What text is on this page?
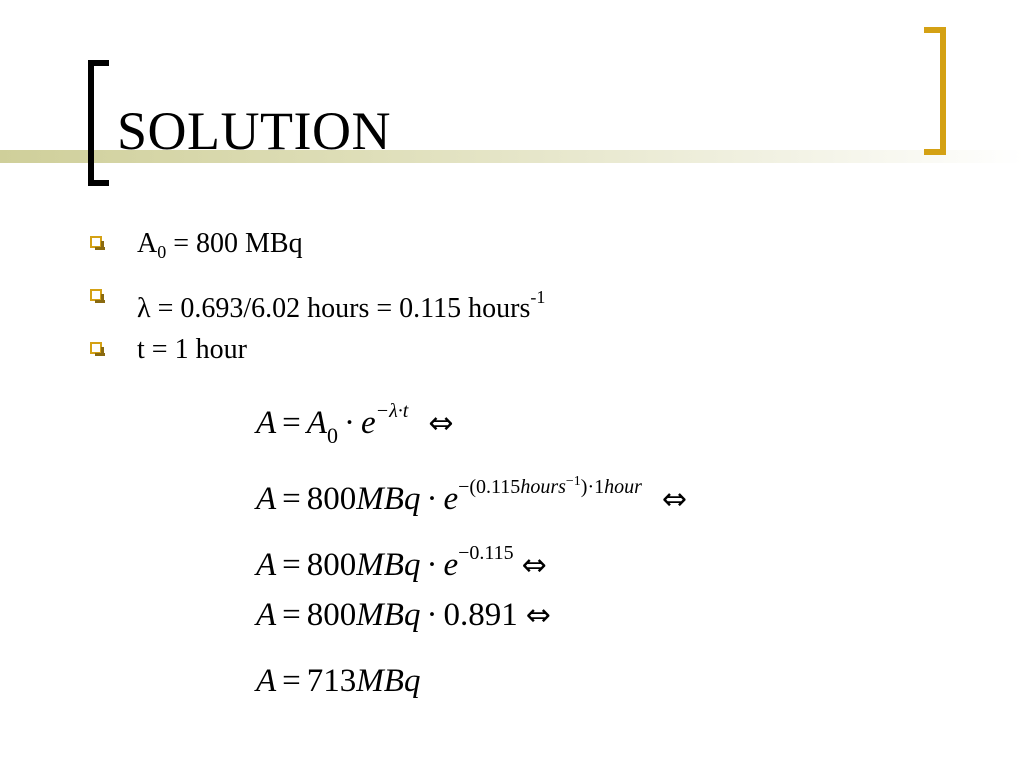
SOLUTION
$A_0 = 800$ MBq
λ = 0.693/6.02 hours = 0.115 hours$^{-1}$
t = 1 hour
$A = A_0 \cdot e^{-\lambda\cdot t}$ ⇔
$A = 800MBq \cdot e^{-(0.115hours^{-1})\cdot 1hour}$ ⇔
$A = 800MBq \cdot e^{-0.115}$ ⇔
A = 800MBq · 0.891 ⇔
A = 713MBq
